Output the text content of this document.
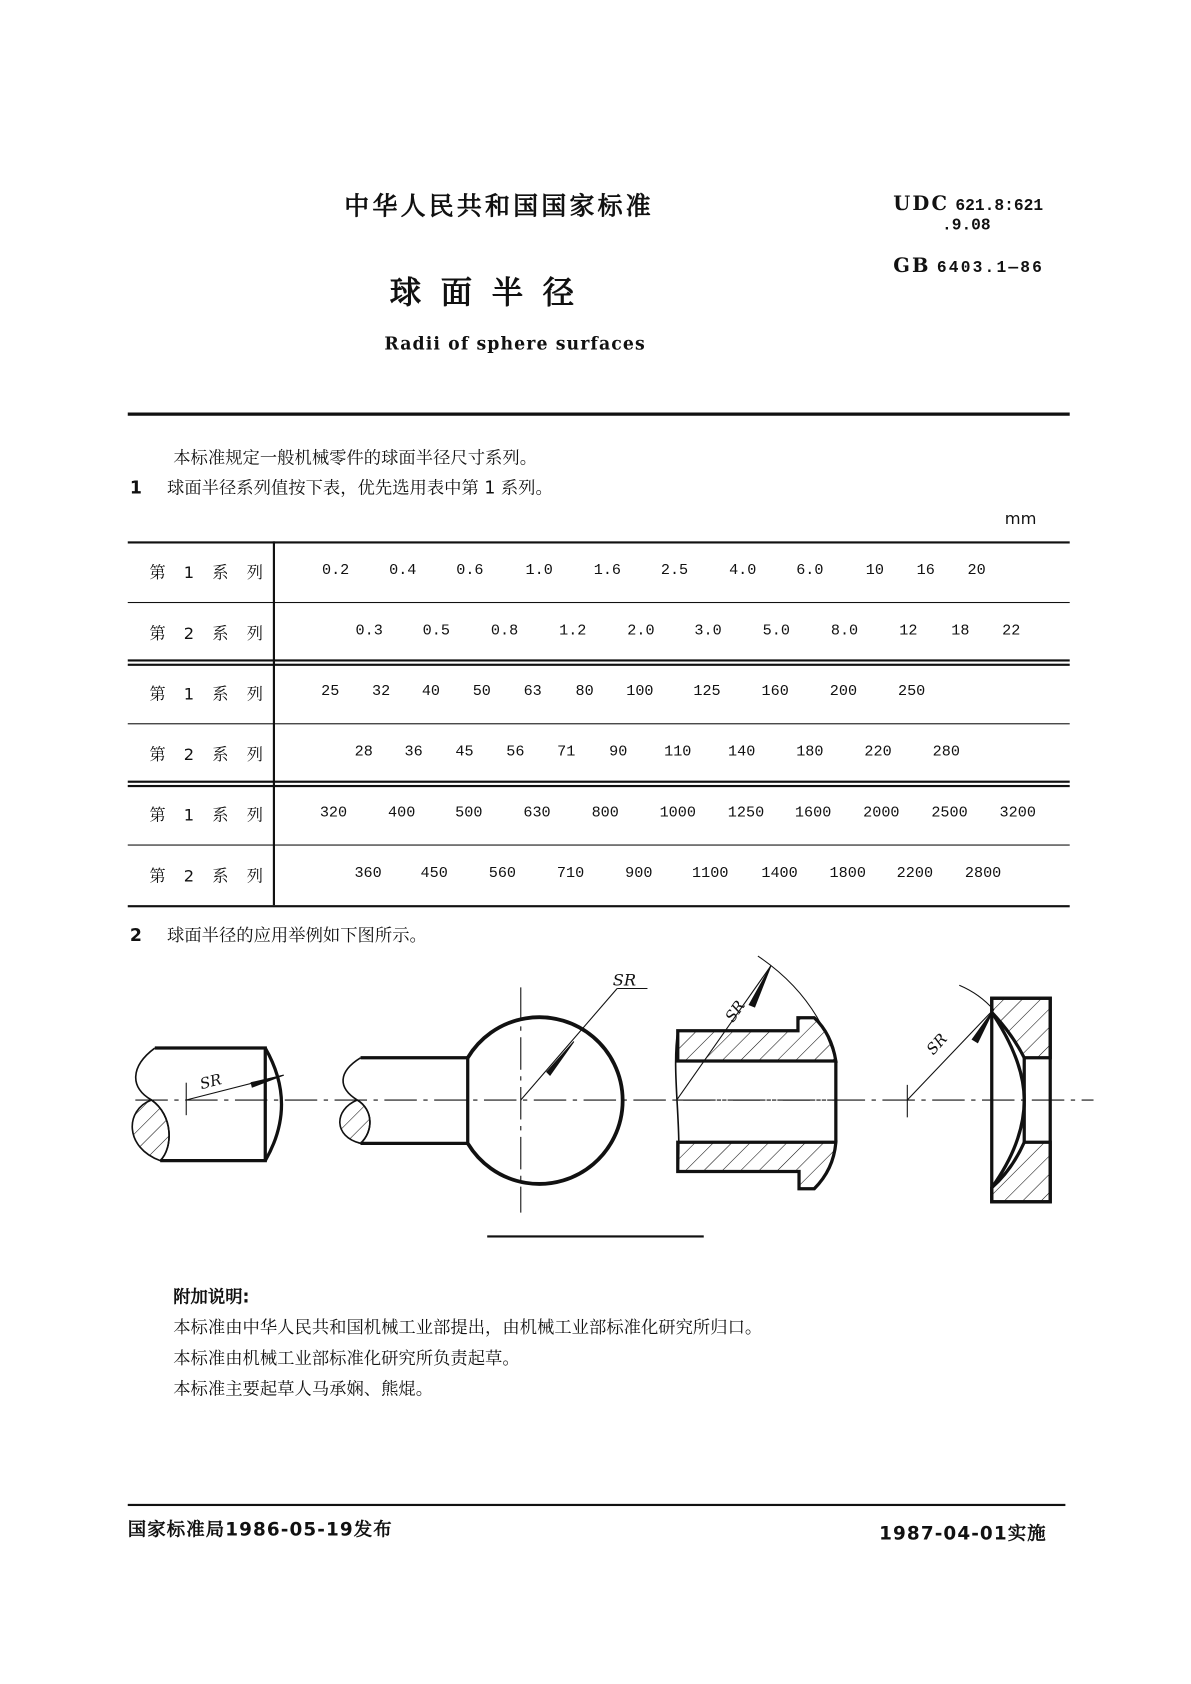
中华人民共和国国家标准	UDC 621.8:621
.9.08
GB 6403.1—86
球 面 半 径
Radii of sphere surfaces
本标准规定一般机械零件的球面半径尺寸系列。
1 球面半径系列值按下表，优先选用表中第 1 系列。
mm
第 1 系 列	0.2	0.4	0.6	1.0	1.6	2.5	4.0	6.0	10 16 20
第 2 系 列	0.3	0.5	0.8	1.2	2.0	3.0	5.0	8.0	12 18 22
第 1 系 列	25 32 40 50 63 80 100	125	160	200	250
第 2 系 列	28 36 45 56 71 90	110	140	180	220	280
第 1 系 列	320	400	500	630	800	1000 1250 1600 2000 2500 3200
第 2 系 列	360	450	560	710	900	1100 1400 1800 2200 2800
2 球面半径的应用举例如下图所示。
SR
SR
SR
SR
附加说明:
本标准由中华人民共和国机械工业部提出，由机械工业部标准化研究所归口。
本标准由机械工业部标准化研究所负责起草。
本标准主要起草人马承娴、熊焜。
国家标准局1986-05-19发布	1987-04-01实施
